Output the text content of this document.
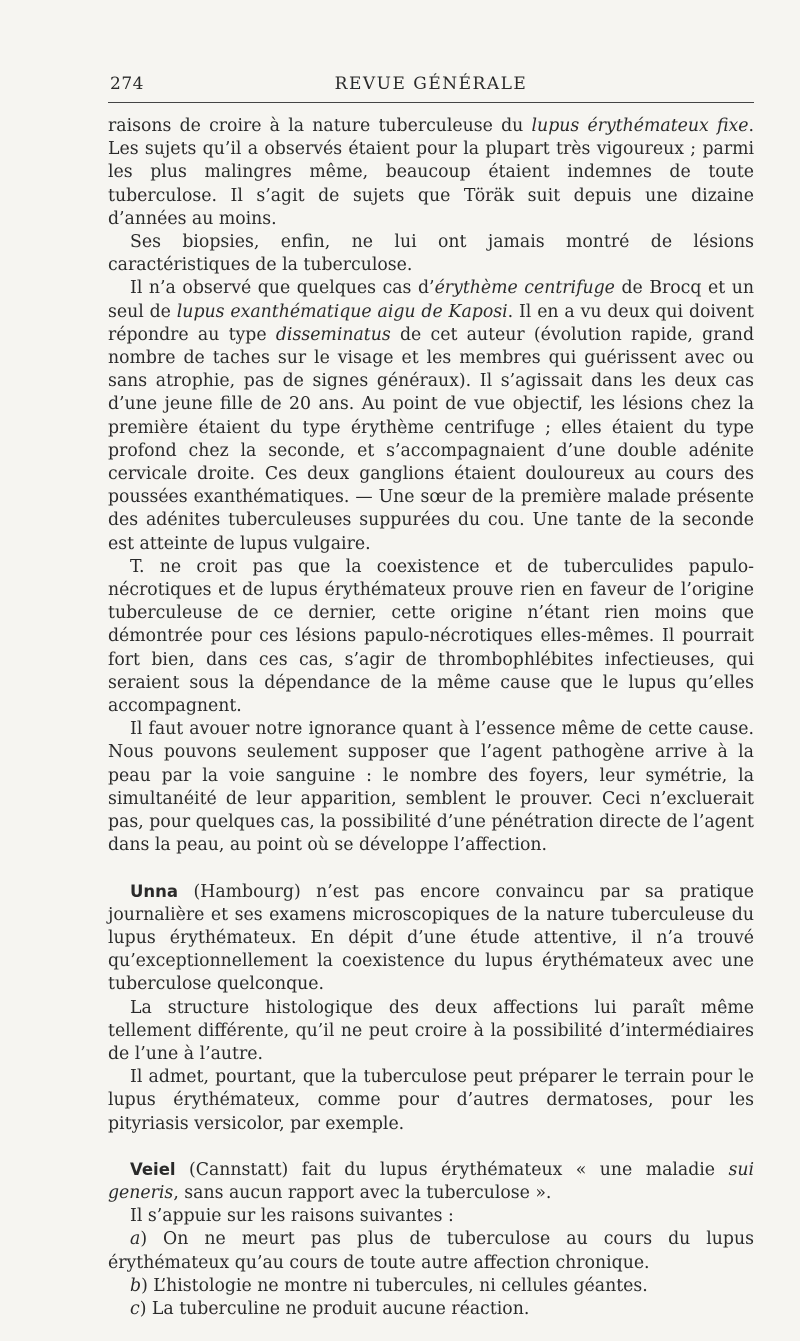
274	REVUE GÉNÉRALE

raisons de croire à la nature tuberculeuse du lupus érythémateux fixe. Les sujets qu’il a observés étaient pour la plupart très vigoureux ; parmi les plus malingres même, beaucoup étaient indemnes de toute tuberculose. Il s’agit de sujets que Töräk suit depuis une dizaine d’années au moins.

Ses biopsies, enfin, ne lui ont jamais montré de lésions caractéristiques de la tuberculose.

Il n’a observé que quelques cas d’érythème centrifuge de Brocq et un seul de lupus exanthématique aigu de Kaposi. Il en a vu deux qui doivent répondre au type disseminatus de cet auteur (évolution rapide, grand nombre de taches sur le visage et les membres qui guérissent avec ou sans atrophie, pas de signes généraux). Il s’agissait dans les deux cas d’une jeune fille de 20 ans. Au point de vue objectif, les lésions chez la première étaient du type érythème centrifuge ; elles étaient du type profond chez la seconde, et s’accompagnaient d’une double adénite cervicale droite. Ces deux ganglions étaient douloureux au cours des poussées exanthématiques. — Une sœur de la première malade présente des adénites tuberculeuses suppurées du cou. Une tante de la seconde est atteinte de lupus vulgaire.

T. ne croit pas que la coexistence et de tuberculides papulo-nécrotiques et de lupus érythémateux prouve rien en faveur de l’origine tuberculeuse de ce dernier, cette origine n’étant rien moins que démontrée pour ces lésions papulo-nécrotiques elles-mêmes. Il pourrait fort bien, dans ces cas, s’agir de thrombophlébites infectieuses, qui seraient sous la dépendance de la même cause que le lupus qu’elles accompagnent.

Il faut avouer notre ignorance quant à l’essence même de cette cause. Nous pouvons seulement supposer que l’agent pathogène arrive à la peau par la voie sanguine : le nombre des foyers, leur symétrie, la simultanéité de leur apparition, semblent le prouver. Ceci n’excluerait pas, pour quelques cas, la possibilité d’une pénétration directe de l’agent dans la peau, au point où se développe l’affection.

Unna (Hambourg) n’est pas encore convaincu par sa pratique journalière et ses examens microscopiques de la nature tuberculeuse du lupus érythémateux. En dépit d’une étude attentive, il n’a trouvé qu’exceptionnellement la coexistence du lupus érythémateux avec une tuberculose quelconque.

La structure histologique des deux affections lui paraît même tellement différente, qu’il ne peut croire à la possibilité d’intermédiaires de l’une à l’autre.

Il admet, pourtant, que la tuberculose peut préparer le terrain pour le lupus érythémateux, comme pour d’autres dermatoses, pour les pityriasis versicolor, par exemple.

Veiel (Cannstatt) fait du lupus érythémateux « une maladie sui generis, sans aucun rapport avec la tuberculose ».

Il s’appuie sur les raisons suivantes :

a) On ne meurt pas plus de tuberculose au cours du lupus érythémateux qu’au cours de toute autre affection chronique.

b) L’histologie ne montre ni tubercules, ni cellules géantes.

c) La tuberculine ne produit aucune réaction.
